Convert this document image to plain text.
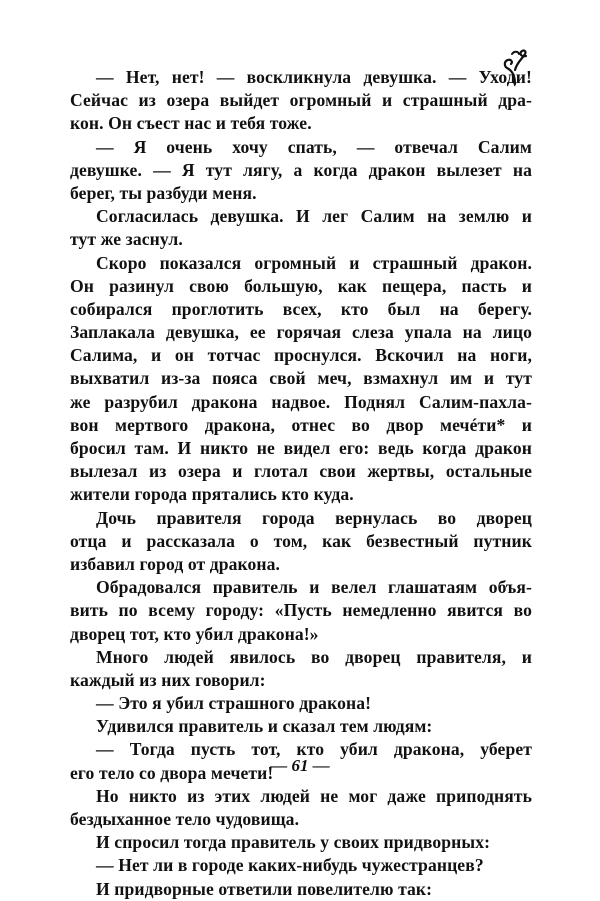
— Нет, нет! — воскликнула девушка. — Уходи!
Сейчас из озера выйдет огромный и страшный дра-
кон. Он съест нас и тебя тоже.
— Я очень хочу спать, — отвечал Салим
девушке. — Я тут лягу, а когда дракон вылезет на
берег, ты разбуди меня.
Согласилась девушка. И лег Салим на землю и
тут же заснул.
Скоро показался огромный и страшный дракон.
Он разинул свою большую, как пещера, пасть и
собирался проглотить всех, кто был на берегу.
Заплакала девушка, ее горячая слеза упала на лицо
Салима, и он тотчас проснулся. Вскочил на ноги,
выхватил из-за пояса свой меч, взмахнул им и тут
же разрубил дракона надвое. Поднял Салим-пахла-
вон мертвого дракона, отнес во двор мечéти* и
бросил там. И никто не видел его: ведь когда дракон
вылезал из озера и глотал свои жертвы, остальные
жители города прятались кто куда.
Дочь правителя города вернулась во дворец
отца и рассказала о том, как безвестный путник
избавил город от дракона.
Обрадовался правитель и велел глашатаям объя-
вить по всему городу: «Пусть немедленно явится во
дворец тот, кто убил дракона!»
Много людей явилось во дворец правителя, и
каждый из них говорил:
— Это я убил страшного дракона!
Удивился правитель и сказал тем людям:
— Тогда пусть тот, кто убил дракона, уберет
его тело со двора мечети!
Но никто из этих людей не мог даже приподнять
бездыханное тело чудовища.
И спросил тогда правитель у своих придворных:
— Нет ли в городе каких-нибудь чужестранцев?
И придворные ответили повелителю так:
— 61 —
